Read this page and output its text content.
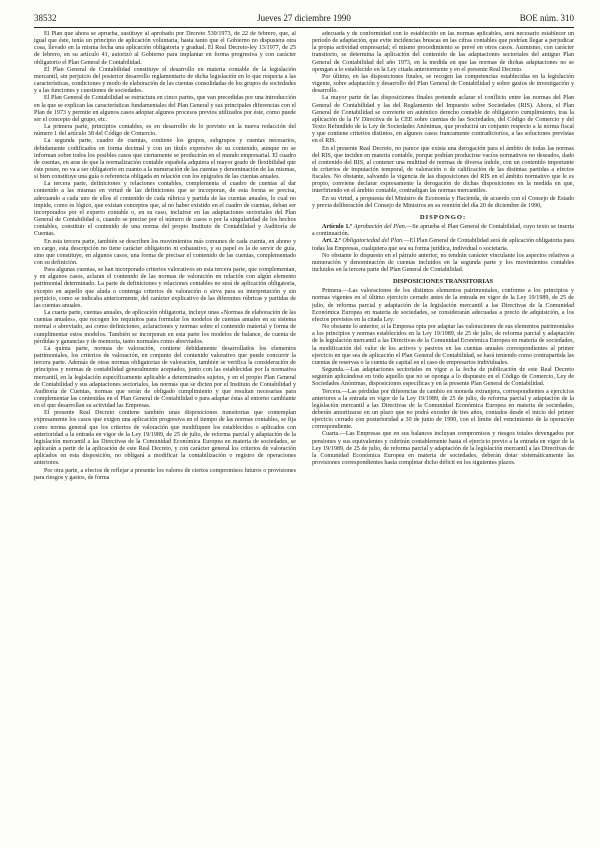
38532	Jueves 27 diciembre 1990	BOE núm. 310

El Plan que ahora se aprueba, sustituye al aprobado por Decreto 530/1973, de 22 de febrero, que, al igual que éste, tenía un principio de aplicación voluntaria, hasta tanto que el Gobierno no dispusiera otra cosa, llevado en la misma fecha una aplicación obligatoria y gradual. El Real Decreto-ley 13/1977, de 25 de febrero, en su artículo 41, autorizó al Gobierno para implantar en forma progresiva y con carácter obligatorio el Plan General de Contabilidad.

El Plan General de Contabilidad constituye el desarrollo en materia contable de la legislación mercantil, sin perjuicio del posterior desarrollo reglamentario de dicha legislación en lo que respecta a las características, condiciones y modo de elaboración de las cuentas consolidadas de los grupos de sociedades y a las funciones y cuestiones de sociedades.

El Plan General de Contabilidad se estructura en cinco partes, que van precedidas por una introducción en la que se explican las características fundamentales del Plan General y sus principales diferencias con el Plan de 1973 y permite en algunos casos adoptar algunos procesos previos utilizados por éste, como puede ser el concepto del grupo, etc.

La primera parte, principios contables, es en desarrollo de lo previsto en la nueva redacción del número 1 del artículo 38 del Código de Comercio.

La segunda parte, cuadro de cuentas, contiene los grupos, subgrupos y cuentas necesarios, debidamente codificados en forma decimal y con un título expresivo de su contenido, aunque no se informan sobre todos los posibles casos que ciertamente se producirán en el mundo empresarial. El cuadro de cuentas, en aras de que la normalización contable española adquiera el mayor grado de flexibilidad que éste posee, no va a ser obligatorio en cuanto a la numeración de las cuentas y denominación de las mismas, si bien constituye una guía o referencia obligada en relación con los epígrafes de las cuentas anuales.

La tercera parte, definiciones y relaciones contables, complementa el cuadro de cuentas al dar contenido a las mismas en virtud de las definiciones que se incorporan, de esta forma se precisa, adecuando a cada uno de ellos el contenido de cada rúbrica y partida de las cuentas anuales, lo cual no impide, como es lógico, que existan conceptos que, al no haber existido en el cuadro de cuentas, deban ser incorporados por el experto contable o, en su caso, incluirse en las adaptaciones sectoriales del Plan General de Contabilidad o, cuando se precise por el número de casos o por la singularidad de los hechos contables, constituir el contenido de una norma del propio Instituto de Contabilidad y Auditoría de Cuentas.

En esta tercera parte, también se describen los movimientos más comunes de cada cuenta, en abono y en cargo, esta descripción no tiene carácter obligatorio ni exhaustivo, y su papel es la de servir de guía, sino que constituye, en algunos casos, una forma de precisar el contenido de las cuentas, complementado con su definición.

Para algunas cuentas, se han incorporado criterios valorativos en esta tercera parte, que complementan, y en algunos casos, aclaran el contenido de las normas de valoración en relación con algún elemento patrimonial determinado. La parte de definiciones y relaciones contables no será de aplicación obligatoria, excepto en aquello que aluda o contenga criterios de valoración o sirva para su interpretación y sin perjuicio, como se indicaba anteriormente, del carácter explicativo de las diferentes rúbricas y partidas de las cuentas anuales.

La cuarta parte, cuentas anuales, de aplicación obligatoria, incluye unas «Normas de elaboración de las cuentas anuales», que recogen los requisitos para formular los modelos de cuentas anuales en su sistema normal o abreviado, así como definiciones, aclaraciones y normas sobre el contenido material y forma de cumplimentar estos modelos. También se incorporan en esta parte los modelos de balance, de cuenta de pérdidas y ganancias y de memoria, tanto normales como abreviados.

La quinta parte, normas de valoración, contiene debidamente desarrollados los elementos patrimoniales, los criterios de valoración, en conjunto del contenido valorativo que puede concurrir la tercera parte. Además de otras normas obligatorias de valoración, también se verifica la consideración de principios y normas de contabilidad generalmente aceptados, junto con las establecidas por la normativa mercantil, en la legislación específicamente aplicable a determinados sujetos, y en el propio Plan General de Contabilidad y sus adaptaciones sectoriales, las normas que se dicten por el Instituto de Contabilidad y Auditoría de Cuentas, normas que serán de obligado cumplimiento y que resultan necesarias para complementar las contenidas en el Plan General de Contabilidad o para adaptar éstas al entorno cambiante en el que desarrollan su actividad las Empresas.

El presente Real Decreto contiene también unas disposiciones transitorias que contemplan expresamente los casos que exigen una aplicación progresiva en el tiempo de las normas contables, se fija como norma general que los criterios de valoración que modifiquen los establecidos o aplicados con anterioridad a la entrada en vigor de la Ley 19/1989, de 25 de julio, de reforma parcial y adaptación de la legislación mercantil a las Directivas de la Comunidad Económica Europea en materia de sociedades, se aplicarán a partir de la aplicación de este Real Decreto, y con carácter general los criterios de valoración aplicados en esta disposición, no obligará a modificar la contabilización o registro de operaciones anteriores.

Por otra parte, a efectos de reflejar a presente los valores de ciertos compromisos futuros o provisiones para riesgos y gastos, de forma

adecuada y de conformidad con lo establecido en las normas aplicables, será necesario establecer un período de adaptación, que evite incidencias bruscas en las cifras contables que podrían llegar a perjudicar la propia actividad empresarial; el mismo procedimiento se prevé en otros casos. Asimismo, con carácter transitorio, se determina la aplicación del contenido de las adaptaciones sectoriales del antiguo Plan General de Contabilidad del año 1973, en la medida en que las normas de dichas adaptaciones no se opongan a lo establecido en la Ley citada anteriormente y en el presente Real Decreto.

Por último, en las disposiciones finales, se recogen las competencias establecidas en la legislación vigente, sobre adaptación y desarrollo del Plan General de Contabilidad y sobre gastos de investigación y desarrollo.

La mayor parte de las disposiciones finales pretende aclarar el conflicto entre las normas del Plan General de Contabilidad y las del Reglamento del Impuesto sobre Sociedades (RIS). Ahora, el Plan General de Contabilidad se convierte en auténtico derecho contable de obligatorio cumplimiento, tras la aplicación de la IV Directiva de la CEE sobre cuentas de las Sociedades, del Código de Comercio y del Texto Refundido de la Ley de Sociedades Anónimas, que producirá un conjunto respecto a la norma fiscal y que contiene criterios distintos, en algunos casos francamente contradictorios, a las soluciones previstas en el RIS.

En el presente Real Decreto, no parece que exista una derogación para el ámbito de todas las normas del RIS, que inciden en materia contable, porque podrían producirse vacíos normativos no deseados, dado el contenido del RIS, al contener una multitud de normas de diversa índole, con un contenido importante de criterios de imputación temporal, de valoración o de calificación de las distintas partidas a efectos fiscales. No obstante, salvando la vigencia de las disposiciones del RIS en el ámbito normativo que le es propio, conviene declarar expresamente la derogación de dichas disposiciones en la medida en que, interfiriendo en el ámbito contable, contradigan las normas mercantiles.

En su virtud, a propuesta del Ministro de Economía y Hacienda, de acuerdo con el Consejo de Estado y previa deliberación del Consejo de Ministros en su reunión del día 20 de diciembre de 1990,

DISPONGO:

Artículo 1.º Aprobación del Plan.—Se aprueba el Plan General de Contabilidad, cuyo texto se inserta a continuación.

Art. 2.º Obligatoriedad del Plan.—El Plan General de Contabilidad será de aplicación obligatoria para todas las Empresas, cualquiera que sea su forma jurídica, individual o societaria.

No obstante lo dispuesto en el párrafo anterior, no tendrán carácter vinculante los aspectos relativos a numeración y denominación de cuentas incluidos en la segunda parte y los movimientos contables incluidos en la tercera parte del Plan General de Contabilidad.

DISPOSICIONES TRANSITORIAS

Primera.—Las valoraciones de los distintos elementos patrimoniales, conforme a los principios y normas vigentes en el último ejercicio cerrado antes de la entrada en vigor de la Ley 19/1989, de 25 de julio, de reforma parcial y adaptación de la legislación mercantil a las Directivas de la Comunidad Económica Europea en materia de sociedades, se considerarán adecuadas a precio de adquisición, a los efectos previstos en la citada Ley.

No obstante lo anterior, si la Empresa opta por adaptar las valoraciones de sus elementos patrimoniales a los principios y normas establecidos en la Ley 19/1989, de 25 de julio, de reforma parcial y adaptación de la legislación mercantil a las Directivas de la Comunidad Económica Europea en materia de sociedades, la modificación del valor de los activos y pasivos en las cuentas anuales correspondientes al primer ejercicio en que sea de aplicación el Plan General de Contabilidad, se hará teniendo como contrapartida las cuentas de reservas o la cuenta de capital en el caso de empresarios individuales.

Segunda.—Las adaptaciones sectoriales en vigor a la fecha de publicación de este Real Decreto seguirán aplicándose en todo aquello que no se oponga a lo dispuesto en el Código de Comercio, Ley de Sociedades Anónimas, disposiciones específicas y en la presente Plan General de Contabilidad.

Tercera.—Las pérdidas por diferencias de cambio en moneda extranjera, correspondientes a ejercicios anteriores a la entrada en vigor de la Ley 19/1989, de 25 de julio, de reforma parcial y adaptación de la legislación mercantil a las Directivas de la Comunidad Económica Europea en materia de sociedades, deberán amortizarse en un plazo que no podrá exceder de tres años, contados desde el inicio del primer ejercicio cerrado con posterioridad a 30 de junio de 1990, con el límite del vencimiento de la operación correspondiente.

Cuarta.—Las Empresas que en sus balances incluyan compromisos y riesgos totales devengados por pensiones y sus equivalentes y cubrirán contablemente hasta el ejercicio previo a la entrada en vigor de la Ley 19/1989, de 25 de julio, de reforma parcial y adaptación de la legislación mercantil a las Directivas de la Comunidad Económica Europea en materia de sociedades, deberán dotar sistemáticamente las provisiones correspondientes hasta completar dicho déficit en los siguientes plazos.
